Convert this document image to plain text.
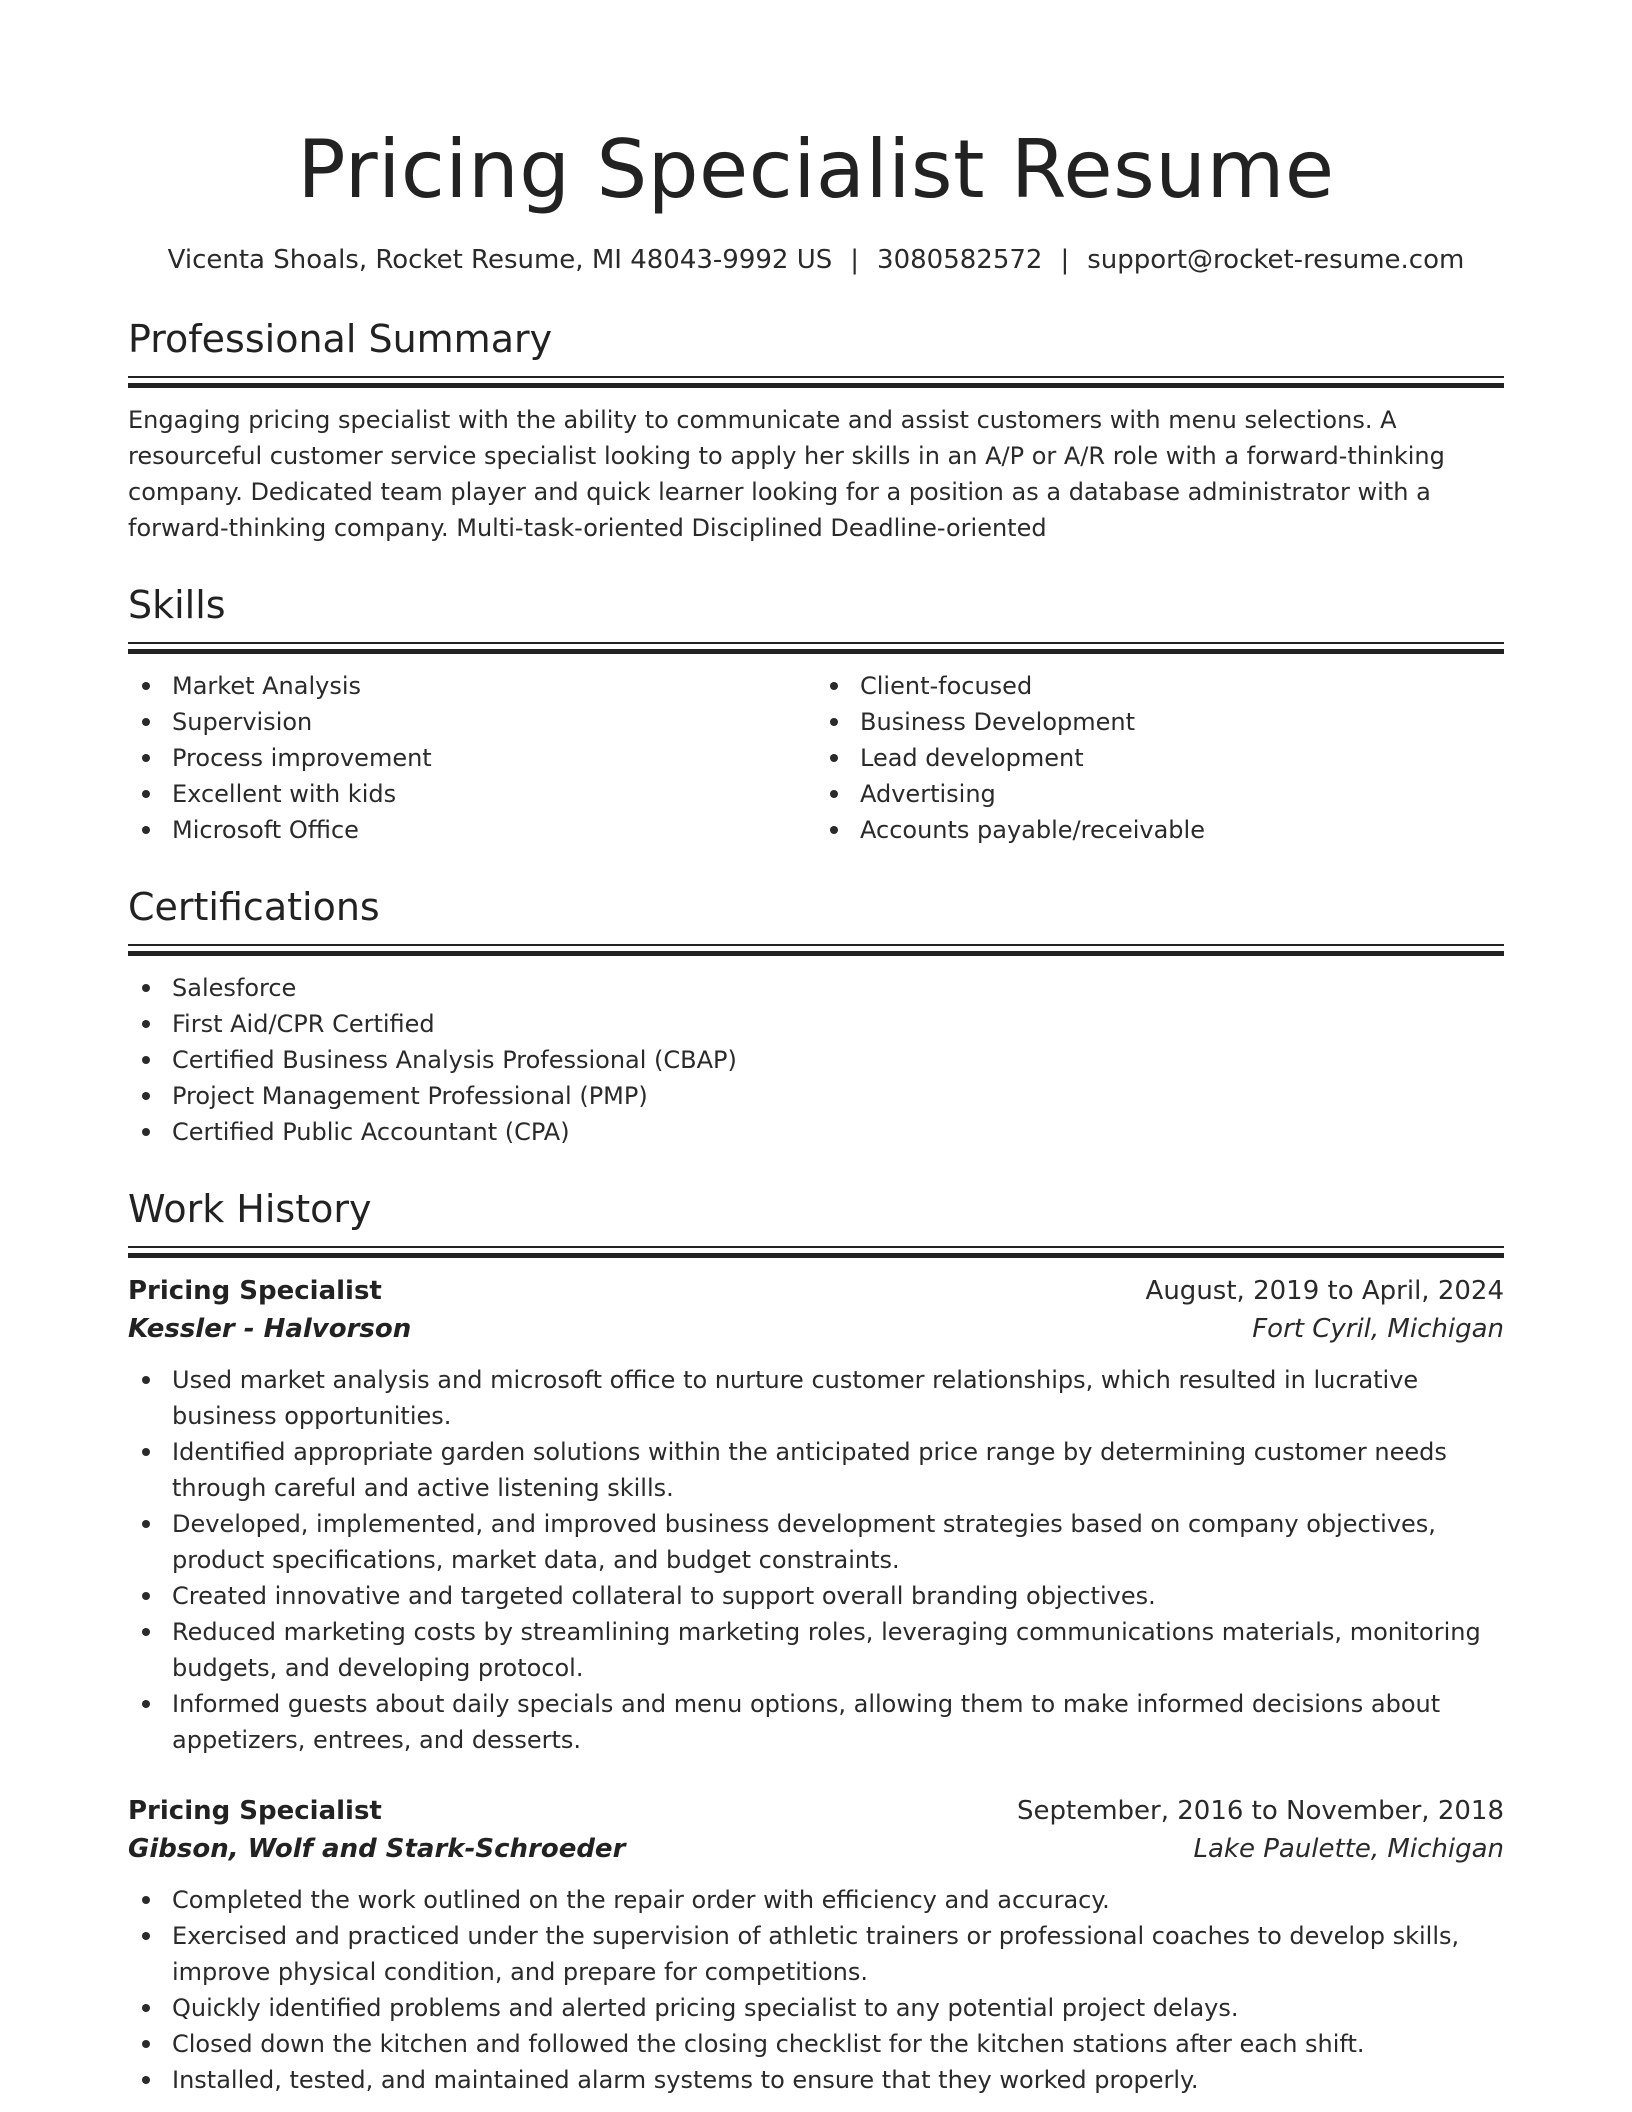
Pricing Specialist Resume
Vicenta Shoals, Rocket Resume, MI 48043-9992 US | 3080582572 | support@rocket-resume.com
Professional Summary
Engaging pricing specialist with the ability to communicate and assist customers with menu selections. A resourceful customer service specialist looking to apply her skills in an A/P or A/R role with a forward-thinking company. Dedicated team player and quick learner looking for a position as a database administrator with a forward-thinking company. Multi-task-oriented Disciplined Deadline-oriented
Skills
Market Analysis
Supervision
Process improvement
Excellent with kids
Microsoft Office
Client-focused
Business Development
Lead development
Advertising
Accounts payable/receivable
Certifications
Salesforce
First Aid/CPR Certified
Certified Business Analysis Professional (CBAP)
Project Management Professional (PMP)
Certified Public Accountant (CPA)
Work History
Pricing Specialist	August, 2019 to April, 2024
Kessler - Halvorson	Fort Cyril, Michigan
Used market analysis and microsoft office to nurture customer relationships, which resulted in lucrative business opportunities.
Identified appropriate garden solutions within the anticipated price range by determining customer needs through careful and active listening skills.
Developed, implemented, and improved business development strategies based on company objectives, product specifications, market data, and budget constraints.
Created innovative and targeted collateral to support overall branding objectives.
Reduced marketing costs by streamlining marketing roles, leveraging communications materials, monitoring budgets, and developing protocol.
Informed guests about daily specials and menu options, allowing them to make informed decisions about appetizers, entrees, and desserts.
Pricing Specialist	September, 2016 to November, 2018
Gibson, Wolf and Stark-Schroeder	Lake Paulette, Michigan
Completed the work outlined on the repair order with efficiency and accuracy.
Exercised and practiced under the supervision of athletic trainers or professional coaches to develop skills, improve physical condition, and prepare for competitions.
Quickly identified problems and alerted pricing specialist to any potential project delays.
Closed down the kitchen and followed the closing checklist for the kitchen stations after each shift.
Installed, tested, and maintained alarm systems to ensure that they worked properly.
